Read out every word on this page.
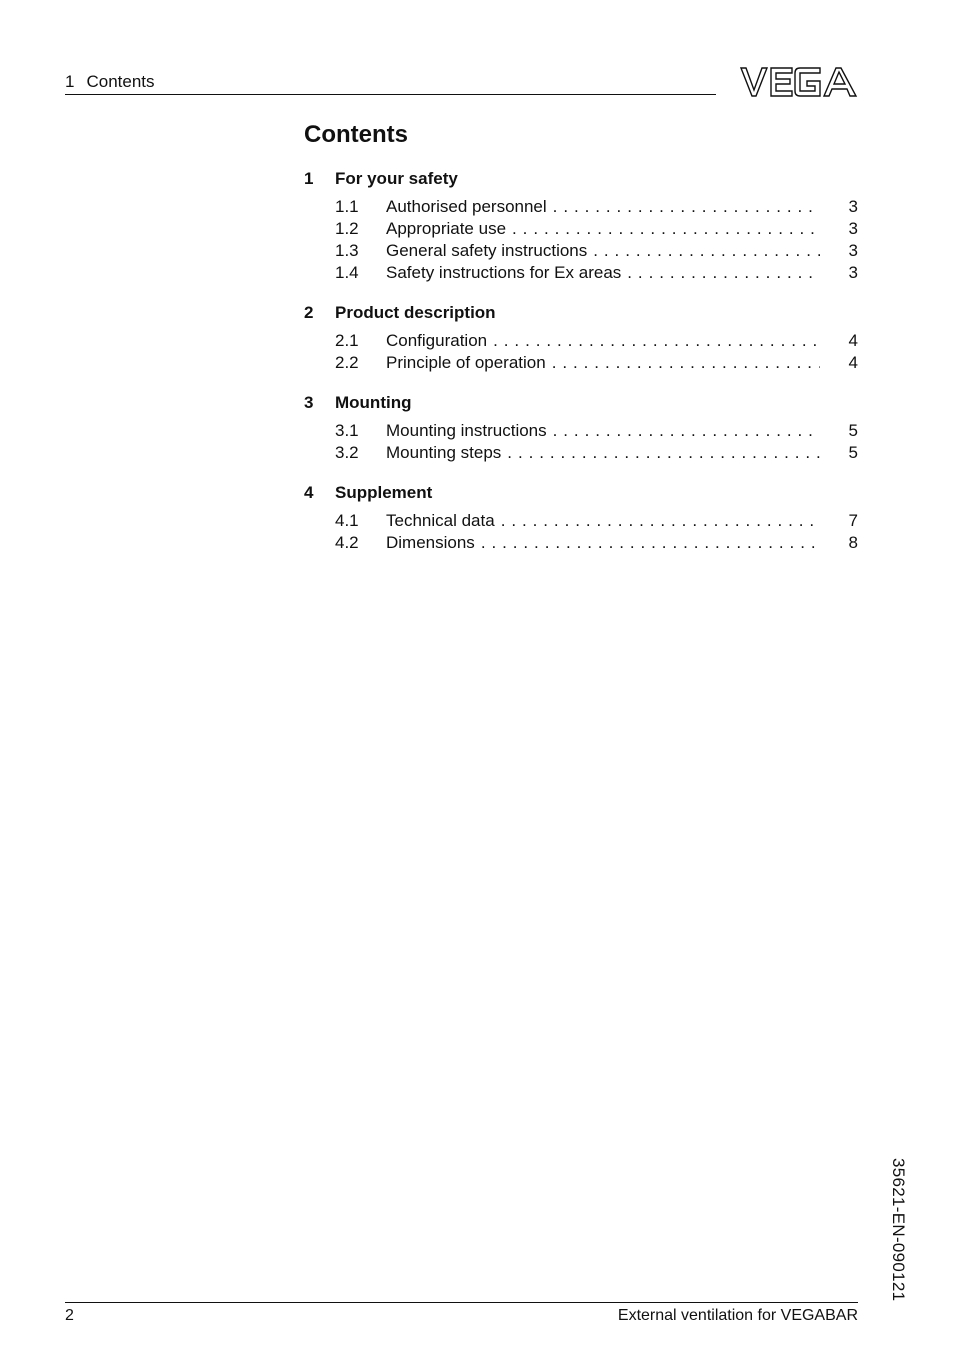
1 Contents
Contents
1	For your safety
1.1	Authorised personnel . . .	3
1.2	Appropriate use . . .	3
1.3	General safety instructions . . .	3
1.4	Safety instructions for Ex areas . . .	3
2	Product description
2.1	Configuration . . .	4
2.2	Principle of operation . . .	4
3	Mounting
3.1	Mounting instructions . . .	5
3.2	Mounting steps . . .	5
4	Supplement
4.1	Technical data . . .	7
4.2	Dimensions . . .	8
35621-EN-090121
2	External ventilation for VEGABAR
